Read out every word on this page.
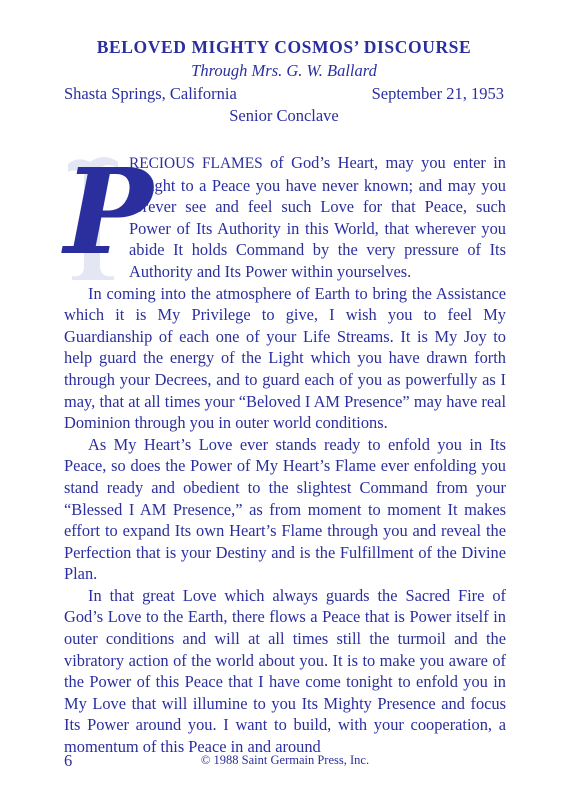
BELOVED MIGHTY COSMOS’ DISCOURSE
Through Mrs. G. W. Ballard
Shasta Springs, California	September 21, 1953
Senior Conclave

P
RECIOUS FLAMES of God’s Heart, may you enter in tonight to a Peace you have never known; and may you forever see and feel such Love for that Peace, such Power of Its Authority in this World, that wherever you abide It holds Command by the very pressure of Its Authority and Its Power within yourselves.

In coming into the atmosphere of Earth to bring the Assistance which it is My Privilege to give, I wish you to feel My Guardianship of each one of your Life Streams. It is My Joy to help guard the energy of the Light which you have drawn forth through your Decrees, and to guard each of you as powerfully as I may, that at all times your “Beloved I AM Presence” may have real Dominion through you in outer world conditions.

As My Heart’s Love ever stands ready to enfold you in Its Peace, so does the Power of My Heart’s Flame ever enfolding you stand ready and obedient to the slightest Command from your “Blessed I AM Presence,” as from moment to moment It makes effort to expand Its own Heart’s Flame through you and reveal the Perfection that is your Destiny and is the Fulfillment of the Divine Plan.

In that great Love which always guards the Sacred Fire of God’s Love to the Earth, there flows a Peace that is Power itself in outer conditions and will at all times still the turmoil and the vibratory action of the world about you. It is to make you aware of the Power of this Peace that I have come tonight to enfold you in My Love that will illumine to you Its Mighty Presence and focus Its Power around you. I want to build, with your cooperation, a momentum of this Peace in and around

6	© 1988 Saint Germain Press, Inc.
